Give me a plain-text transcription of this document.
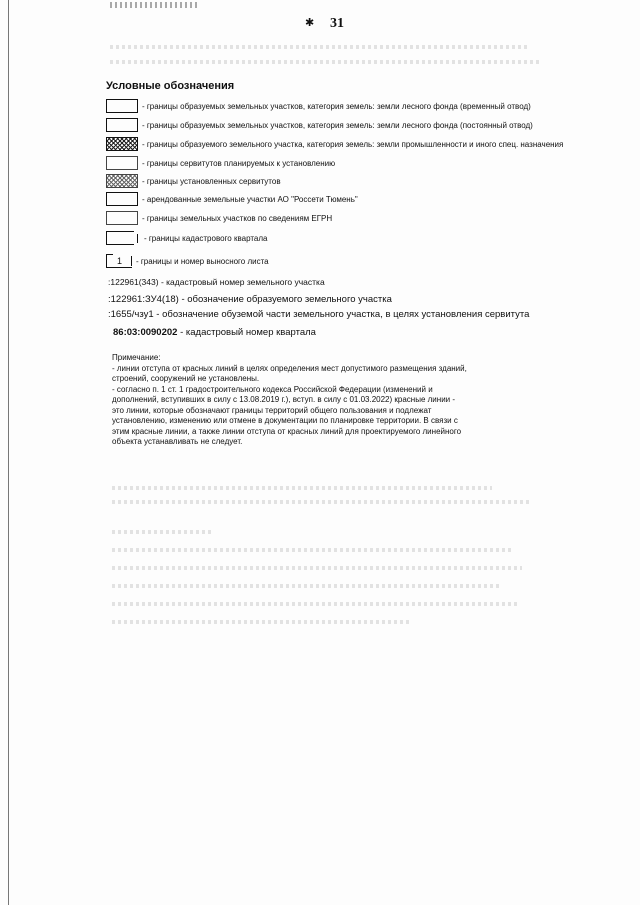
✱ 31
Условные обозначения
- границы образуемых земельных участков, категория земель: земли лесного фонда (временный отвод)
- границы образуемых земельных участков, категория земель: земли лесного фонда (постоянный отвод)
- границы образуемого земельного участка, категория земель: земли промышленности и иного спец. назначения
- границы сервитутов планируемых к установлению
- границы установленных сервитутов
- арендованные земельные участки АО "Россети Тюмень"
- границы земельных участков по сведениям ЕГРН
- границы кадастрового квартала
1 - границы и номер выносного листа
:122961(343) - кадастровый номер земельного участка
:122961:ЗУ4(18) - обозначение образуемого земельного участка
:1655/чзу1 - обозначение обуземой части земельного участка, в целях установления сервитута
86:03:0090202 - кадастровый номер квартала

Примечание:

- линии отступа от красных линий в целях определения мест допустимого размещения зданий,

строений, сооружений не установлены.

- согласно п. 1 ст. 1 градостроительного кодекса Российской Федерации (изменений и

дополнений, вступивших в силу с 13.08.2019 г.), вступ. в силу с 01.03.2022) красные линии -

это линии, которые обозначают границы территорий общего пользования и подлежат

установлению, изменению или отмене в документации по планировке территории. В связи с

этим красные линии, а также линии отступа от красных линий для проектируемого линейного

объекта устанавливать не следует.
